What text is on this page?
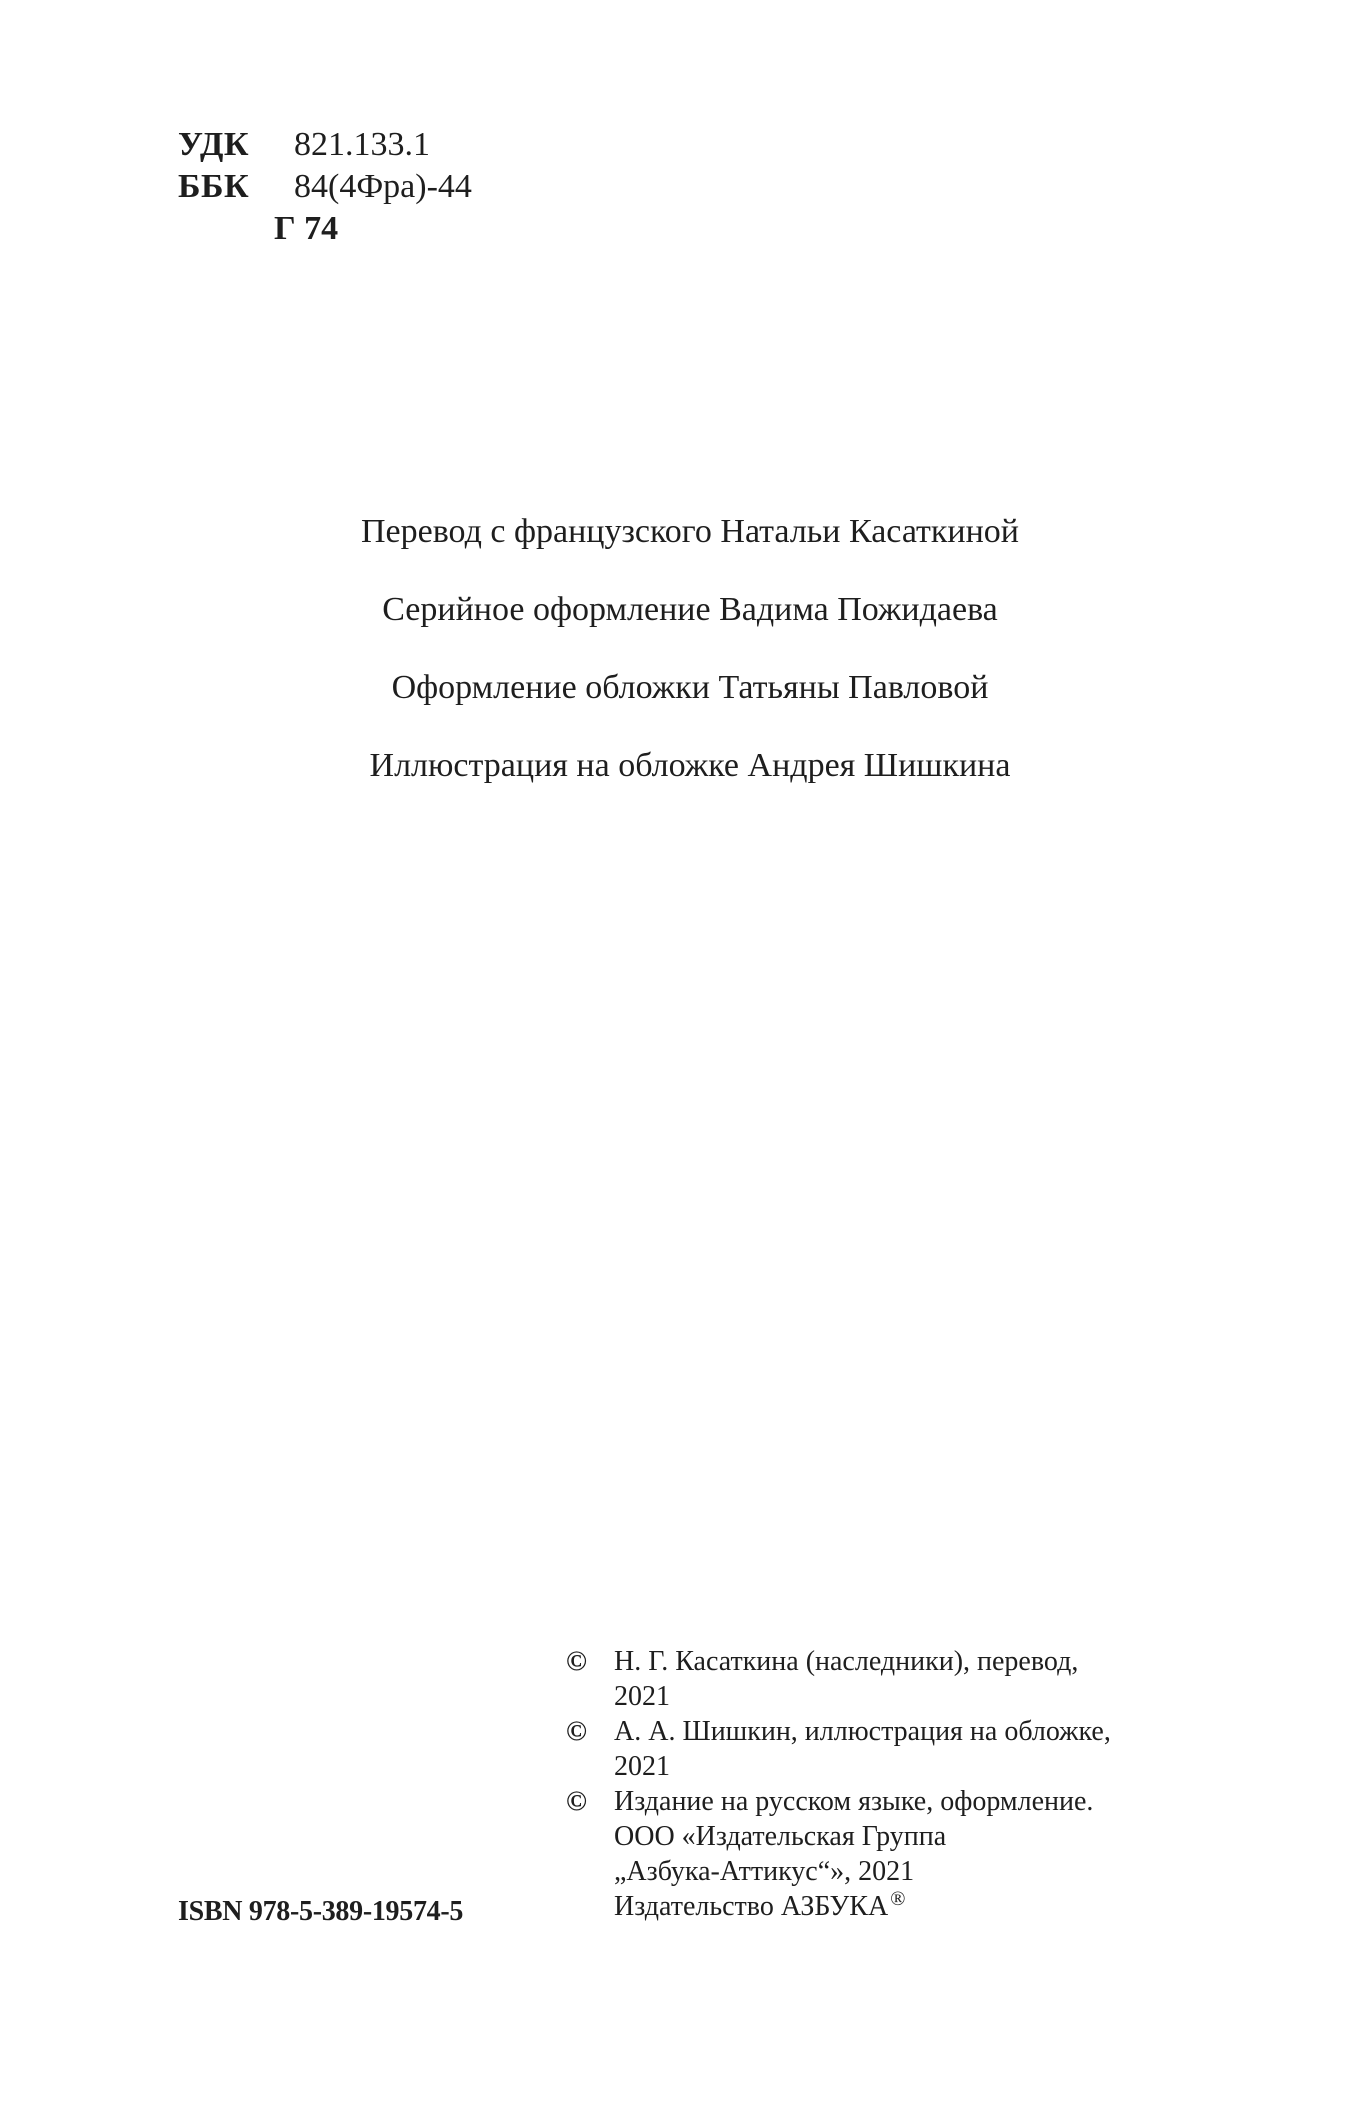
УДК 821.133.1
ББК 84(4Фра)-44
Г 74
Перевод с французского Натальи Касаткиной
Серийное оформление Вадима Пожидаева
Оформление обложки Татьяны Павловой
Иллюстрация на обложке Андрея Шишкина
© Н. Г. Касаткина (наследники), перевод,
2021
© А. А. Шишкин, иллюстрация на обложке,
2021
© Издание на русском языке, оформление.
ООО «Издательская Группа
„Азбука-Аттикус“», 2021
Издательство АЗБУКА ®
ISBN 978-5-389-19574-5
